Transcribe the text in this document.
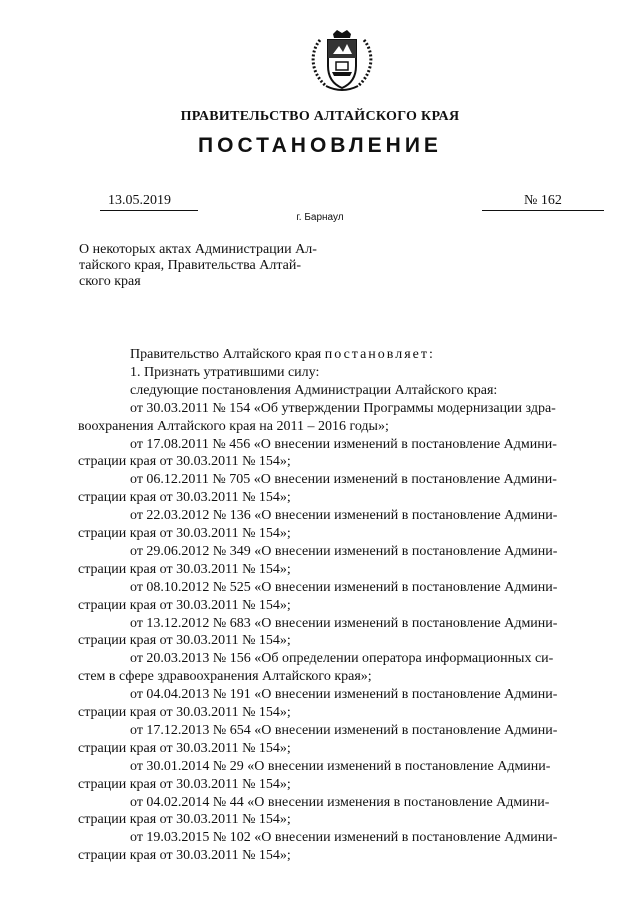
ПРАВИТЕЛЬСТВО АЛТАЙСКОГО КРАЯ
ПОСТАНОВЛЕНИЕ
13.05.2019	№ 162
г. Барнаул
О некоторых актах Администрации Ал-
тайского края, Правительства Алтай-
ского края
Правительство Алтайского края постановляет:
1. Признать утратившими силу:
следующие постановления Администрации Алтайского края:
от 30.03.2011 № 154 «Об утверждении Программы модернизации здра-
воохранения Алтайского края на 2011 – 2016 годы»;
от 17.08.2011 № 456 «О внесении изменений в постановление Админи-
страции края от 30.03.2011 № 154»;
от 06.12.2011 № 705 «О внесении изменений в постановление Админи-
страции края от 30.03.2011 № 154»;
от 22.03.2012 № 136 «О внесении изменений в постановление Админи-
страции края от 30.03.2011 № 154»;
от 29.06.2012 № 349 «О внесении изменений в постановление Админи-
страции края от 30.03.2011 № 154»;
от 08.10.2012 № 525 «О внесении изменений в постановление Админи-
страции края от 30.03.2011 № 154»;
от 13.12.2012 № 683 «О внесении изменений в постановление Админи-
страции края от 30.03.2011 № 154»;
от 20.03.2013 № 156 «Об определении оператора информационных си-
стем в сфере здравоохранения Алтайского края»;
от 04.04.2013 № 191 «О внесении изменений в постановление Админи-
страции края от 30.03.2011 № 154»;
от 17.12.2013 № 654 «О внесении изменений в постановление Админи-
страции края от 30.03.2011 № 154»;
от 30.01.2014 № 29 «О внесении изменений в постановление Админи-
страции края от 30.03.2011 № 154»;
от 04.02.2014 № 44 «О внесении изменения в постановление Админи-
страции края от 30.03.2011 № 154»;
от 19.03.2015 № 102 «О внесении изменений в постановление Админи-
страции края от 30.03.2011 № 154»;
